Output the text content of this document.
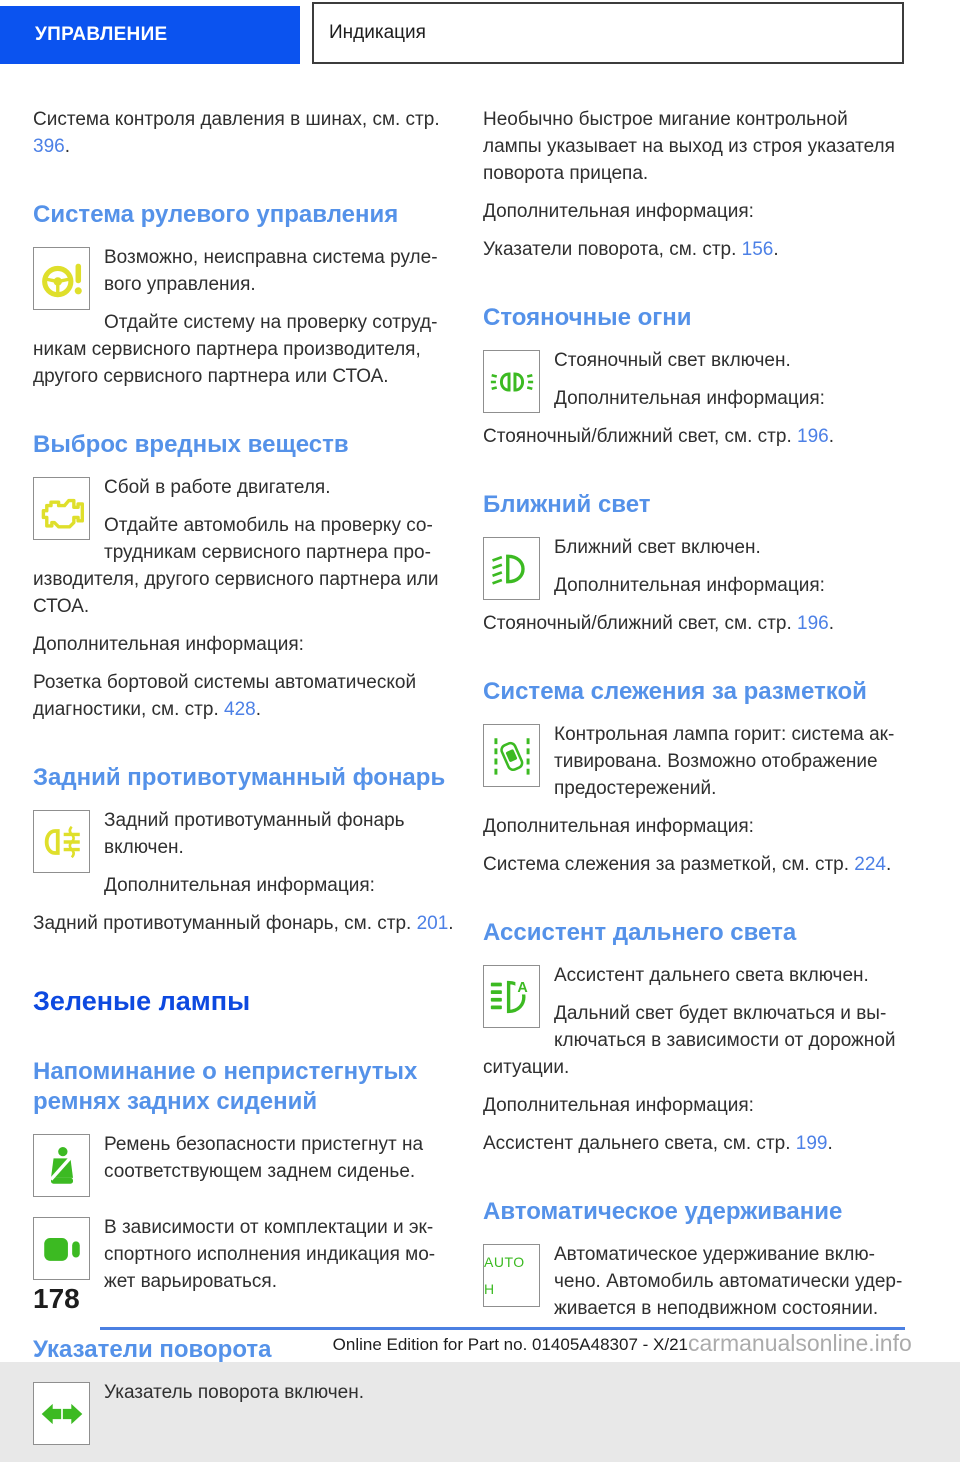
УПРАВЛЕНИЕ	Индикация

Система контроля давления в шинах, см. стр. 396.

Система рулевого управления

Возможно, неисправна система рулевого управления.

Отдайте систему на проверку сотрудникам сервисного партнера производителя, другого сервисного партнера или СТОА.

Выброс вредных веществ

Сбой в работе двигателя.

Отдайте автомобиль на проверку сотрудникам сервисного партнера производителя, другого сервисного партнера или СТОА.

Дополнительная информация:

Розетка бортовой системы автоматической диагностики, см. стр. 428.

Задний противотуманный фонарь

Задний противотуманный фонарь включен.

Дополнительная информация:

Задний противотуманный фонарь, см. стр. 201.

Зеленые лампы
Напоминание о непристегнутых ремнях задних сидений

Ремень безопасности пристегнут на соответствующем заднем сиденье.

В зависимости от комплектации и экспортного исполнения индикация может варьироваться.

Указатели поворота

Указатель поворота включен.

Необычно быстрое мигание контрольной лампы указывает на выход из строя указателя поворота прицепа.

Дополнительная информация:

Указатели поворота, см. стр. 156.

Стояночные огни

Стояночный свет включен.

Дополнительная информация:

Стояночный/ближний свет, см. стр. 196.

Ближний свет

Ближний свет включен.

Дополнительная информация:

Стояночный/ближний свет, см. стр. 196.

Система слежения за разметкой

Контрольная лампа горит: система активирована. Возможно отображение предостережений.

Дополнительная информация:

Система слежения за разметкой, см. стр. 224.

Ассистент дальнего света
A

Ассистент дальнего света включен.

Дальний свет будет включаться и выключаться в зависимости от дорожной ситуации.

Дополнительная информация:

Ассистент дальнего света, см. стр. 199.

Автоматическое удерживание
AUTO H

Автоматическое удерживание включено. Автомобиль автоматически удерживается в неподвижном состоянии.

178
Online Edition for Part no. 01405A48307 - X/21 carmanualsonline.info
